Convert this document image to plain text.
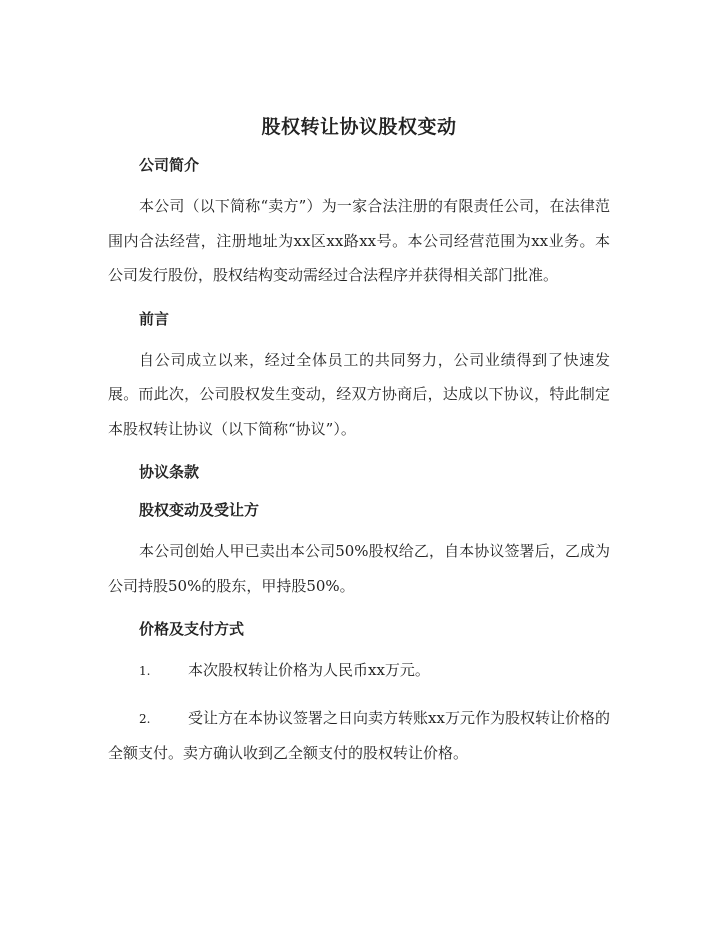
股权转让协议股权变动
公司简介

本公司（以下简称“卖方”）为一家合法注册的有限责任公司，在法律范围内合法经营，注册地址为xx区xx路xx号。本公司经营范围为xx业务。本公司发行股份，股权结构变动需经过合法程序并获得相关部门批准。

前言

自公司成立以来，经过全体员工的共同努力，公司业绩得到了快速发展。而此次，公司股权发生变动，经双方协商后，达成以下协议，特此制定本股权转让协议（以下简称“协议”）。

协议条款
股权变动及受让方

本公司创始人甲已卖出本公司50%股权给乙，自本协议签署后，乙成为公司持股50%的股东，甲持股50%。

价格及支付方式

1.	本次股权转让价格为人民币xx万元。

2.	受让方在本协议签署之日向卖方转账xx万元作为股权转让价格的全额支付。卖方确认收到乙全额支付的股权转让价格。
